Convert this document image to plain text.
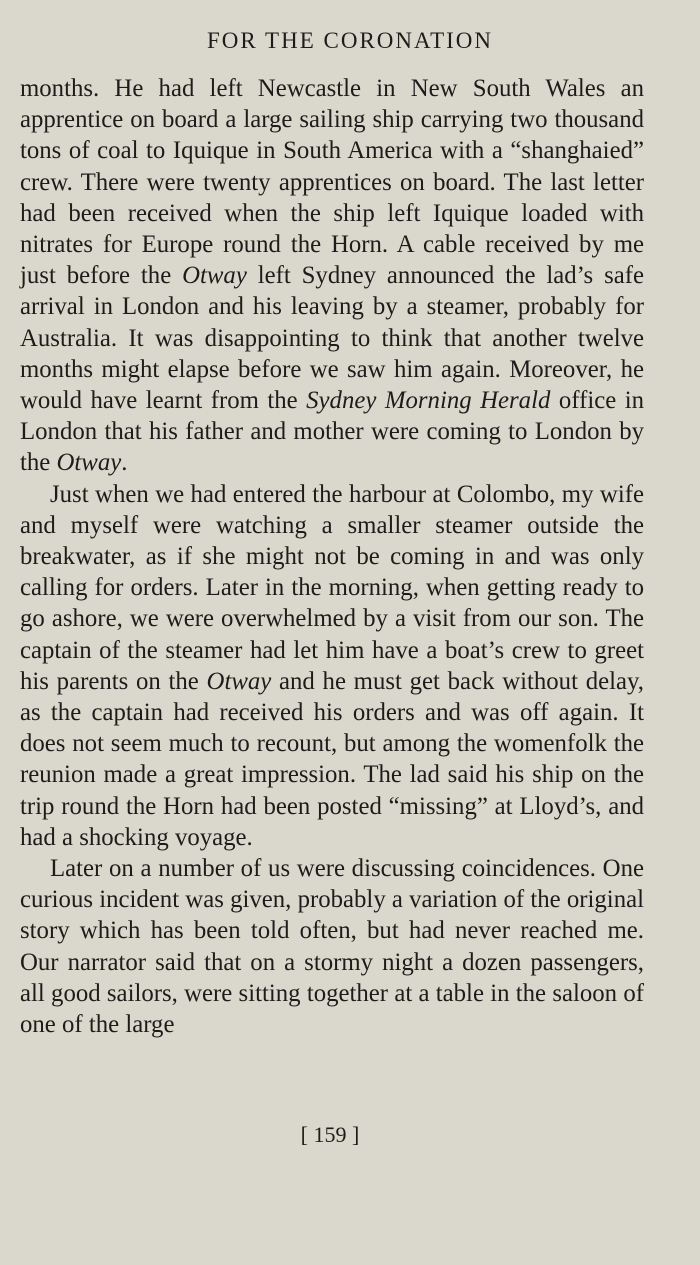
FOR THE CORONATION

months. He had left Newcastle in New South Wales an apprentice on board a large sailing ship carrying two thousand tons of coal to Iquique in South America with a “shanghaied” crew. There were twenty apprentices on board. The last letter had been received when the ship left Iquique loaded with nitrates for Europe round the Horn. A cable received by me just before the Otway left Sydney announced the lad’s safe arrival in London and his leaving by a steamer, probably for Australia. It was disappointing to think that another twelve months might elapse before we saw him again. Moreover, he would have learnt from the Sydney Morning Herald office in London that his father and mother were coming to London by the Otway.

Just when we had entered the harbour at Colombo, my wife and myself were watching a smaller steamer outside the breakwater, as if she might not be coming in and was only calling for orders. Later in the morning, when getting ready to go ashore, we were overwhelmed by a visit from our son. The captain of the steamer had let him have a boat’s crew to greet his parents on the Otway and he must get back without delay, as the captain had received his orders and was off again. It does not seem much to recount, but among the womenfolk the reunion made a great impression. The lad said his ship on the trip round the Horn had been posted “missing” at Lloyd’s, and had a shocking voyage.

Later on a number of us were discussing coincidences. One curious incident was given, probably a variation of the original story which has been told often, but had never reached me. Our narrator said that on a stormy night a dozen passengers, all good sailors, were sitting together at a table in the saloon of one of the large

[ 159 ]
